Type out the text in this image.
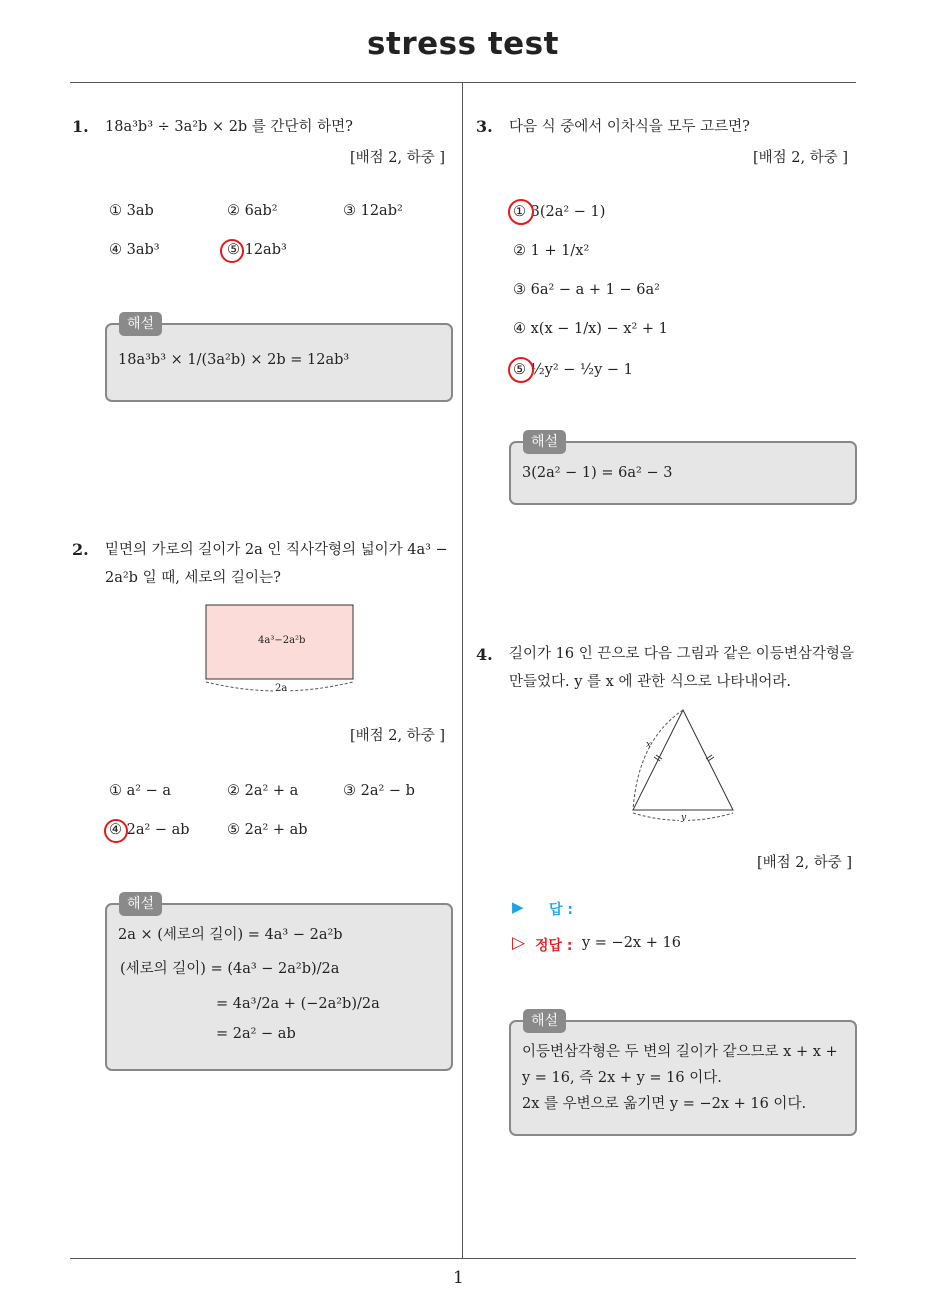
stress test
1
1. 18a³b³ ÷ 3a²b × 2b 를 간단히 하면?
[배점 2, 하중 ]
① 3ab	② 6ab²	③ 12ab²
④ 3ab³	⑤ 12ab³
해설
18a³b³ × 1/(3a²b) × 2b = 12ab³
2. 밑면의 가로의 길이가 2a 인 직사각형의 넓이가 4a³ −
2a²b 일 때, 세로의 길이는?
4a³−2a²b
2a
[배점 2, 하중 ]
① a² − a	② 2a² + a	③ 2a² − b
④ 2a² − ab	⑤ 2a² + ab
해설
2a × (세로의 길이) = 4a³ − 2a²b
(세로의 길이) = (4a³ − 2a²b)/2a
= 4a³/2a + (−2a²b)/2a
= 2a² − ab
3. 다음 식 중에서 이차식을 모두 고르면?
[배점 2, 하중 ]
① 3(2a² − 1)
② 1 + 1/x²
③ 6a² − a + 1 − 6a²
④ x(x − 1/x) − x² + 1
⑤ ½y² − ½y − 1
해설
3(2a² − 1) = 6a² − 3
4. 길이가 16 인 끈으로 다음 그림과 같은 이등변삼각형을
만들었다. y 를 x 에 관한 식으로 나타내어라.
x
y
[배점 2, 하중 ]
▶ 답 :
▷ 정답 : y = −2x + 16
해설
이등변삼각형은 두 변의 길이가 같으므로 x + x +
y = 16, 즉 2x + y = 16 이다.
2x 를 우변으로 옮기면 y = −2x + 16 이다.
